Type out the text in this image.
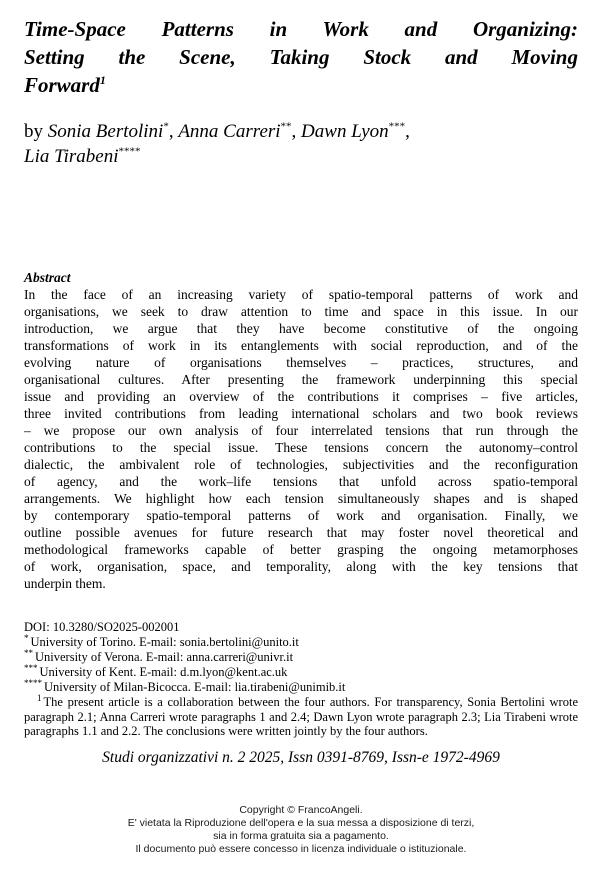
Time-Space Patterns in Work and Organizing:
Setting the Scene, Taking Stock and Moving
Forward$^1$
by Sonia Bertolini*, Anna Carreri**, Dawn Lyon***,
Lia Tirabeni****
Abstract
In the face of an increasing variety of spatio-temporal patterns of work and
organisations, we seek to draw attention to time and space in this issue. In our
introduction, we argue that they have become constitutive of the ongoing
transformations of work in its entanglements with social reproduction, and of the
evolving nature of organisations themselves – practices, structures, and
organisational cultures. After presenting the framework underpinning this special
issue and providing an overview of the contributions it comprises – five articles,
three invited contributions from leading international scholars and two book reviews
– we propose our own analysis of four interrelated tensions that run through the
contributions to the special issue. These tensions concern the autonomy–control
dialectic, the ambivalent role of technologies, subjectivities and the reconfiguration
of agency, and the work–life tensions that unfold across spatio-temporal
arrangements. We highlight how each tension simultaneously shapes and is shaped
by contemporary spatio-temporal patterns of work and organisation. Finally, we
outline possible avenues for future research that may foster novel theoretical and
methodological frameworks capable of better grasping the ongoing metamorphoses
of work, organisation, space, and temporality, along with the key tensions that
underpin them.
DOI: 10.3280/SO2025-002001
* University of Torino. E-mail: sonia.bertolini@unito.it
** University of Verona. E-mail: anna.carreri@univr.it
*** University of Kent. E-mail: d.m.lyon@kent.ac.uk
**** University of Milan-Bicocca. E-mail: lia.tirabeni@unimib.it
$^1$ The present article is a collaboration between the four authors. For transparency, Sonia Bertolini wrote paragraph 2.1; Anna Carreri wrote paragraphs 1 and 2.4; Dawn Lyon wrote paragraph 2.3; Lia Tirabeni wrote paragraphs 1.1 and 2.2. The conclusions were written jointly by the four authors.
Studi organizzativi n. 2 2025, Issn 0391-8769, Issn-e 1972-4969
Copyright © FrancoAngeli.
E' vietata la Riproduzione dell'opera e la sua messa a disposizione di terzi,
sia in forma gratuita sia a pagamento.
Il documento può essere concesso in licenza individuale o istituzionale.
